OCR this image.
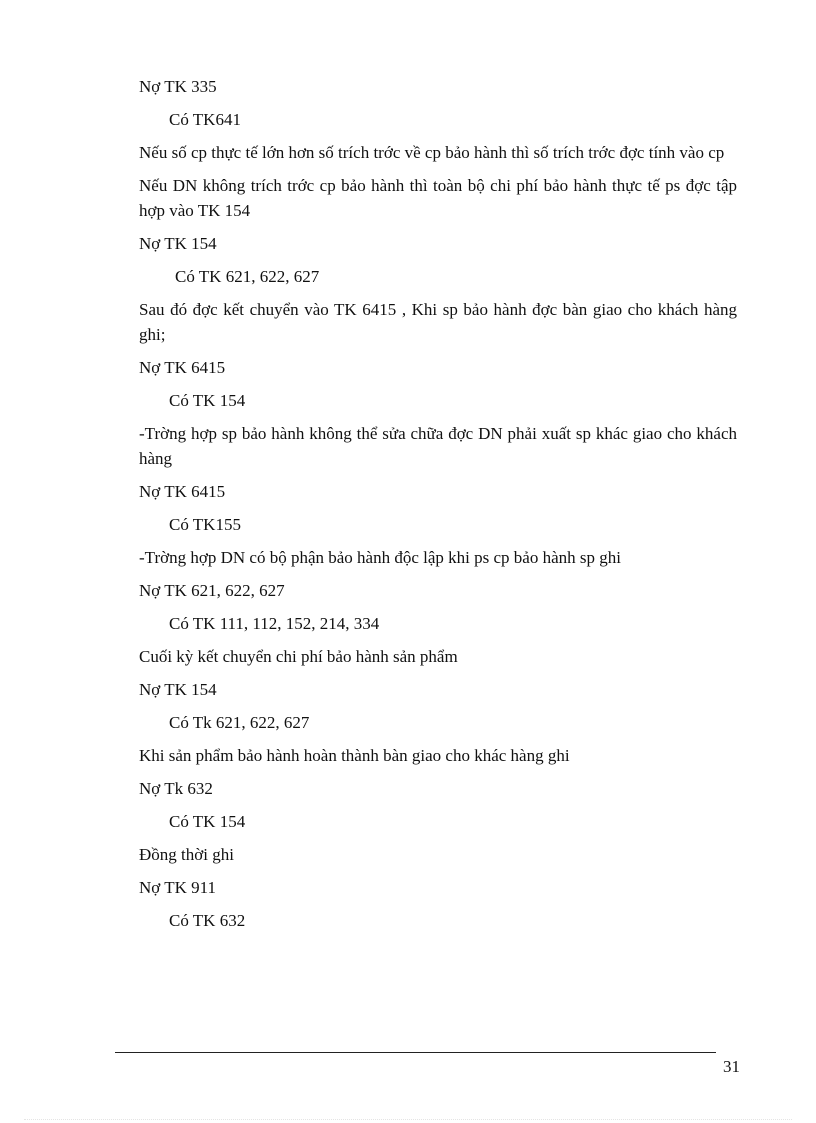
Nợ TK 335

Có TK641

Nếu số cp thực tế lớn hơn số trích trớc về cp bảo hành thì số trích trớc đợc tính vào cp

Nếu DN không trích trớc cp bảo hành thì toàn bộ chi phí bảo hành thực tế ps đợc tập hợp vào TK 154

Nợ TK 154

Có TK 621, 622, 627

Sau đó đợc kết chuyển vào TK 6415 , Khi sp bảo hành đợc bàn giao cho khách hàng ghi;

Nợ TK 6415

Có TK 154

-Trờng hợp sp bảo hành không thể sửa chữa đợc DN phải xuất sp khác giao cho khách hàng

Nợ TK 6415

Có TK155

-Trờng hợp DN có bộ phận bảo hành độc lập khi ps cp bảo hành sp ghi

Nợ TK 621, 622, 627

Có TK 111, 112, 152, 214, 334

Cuối kỳ kết chuyển chi phí bảo hành sản phẩm

Nợ TK 154

Có Tk 621, 622, 627

Khi sản phẩm bảo hành hoàn thành bàn giao cho khác hàng ghi

Nợ Tk 632

Có TK 154

Đồng thời ghi

Nợ TK 911

Có TK 632

31
